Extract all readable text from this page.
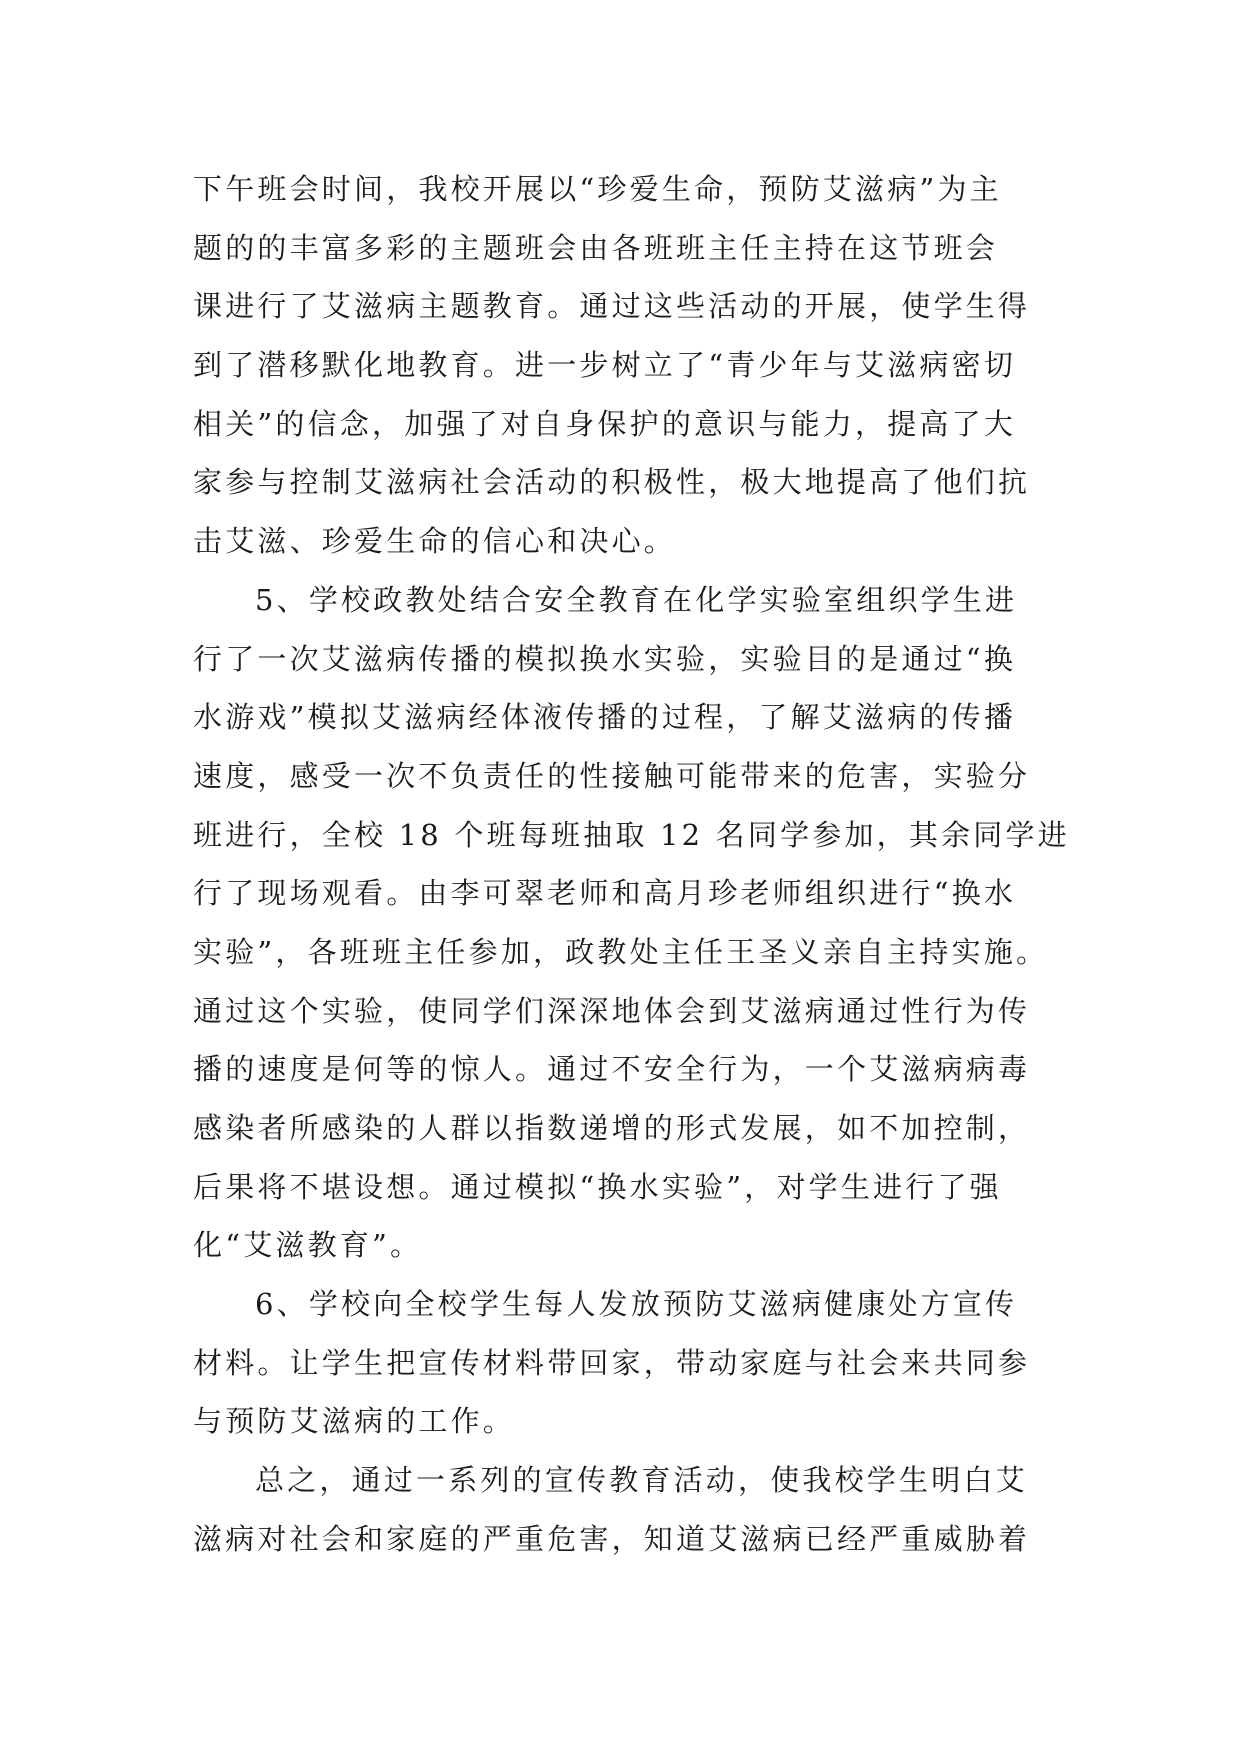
下午班会时间，我校开展以“珍爱生命，预防艾滋病”为主
题的的丰富多彩的主题班会由各班班主任主持在这节班会
课进行了艾滋病主题教育。通过这些活动的开展，使学生得
到了潜移默化地教育。进一步树立了“青少年与艾滋病密切
相关”的信念，加强了对自身保护的意识与能力，提高了大
家参与控制艾滋病社会活动的积极性，极大地提高了他们抗
击艾滋、珍爱生命的信心和决心。
5、学校政教处结合安全教育在化学实验室组织学生进
行了一次艾滋病传播的模拟换水实验，实验目的是通过“换
水游戏”模拟艾滋病经体液传播的过程，了解艾滋病的传播
速度，感受一次不负责任的性接触可能带来的危害，实验分
班进行，全校 18 个班每班抽取 12 名同学参加，其余同学进
行了现场观看。由李可翠老师和高月珍老师组织进行“换水
实验”，各班班主任参加，政教处主任王圣义亲自主持实施。
通过这个实验，使同学们深深地体会到艾滋病通过性行为传
播的速度是何等的惊人。通过不安全行为，一个艾滋病病毒
感染者所感染的人群以指数递增的形式发展，如不加控制，
后果将不堪设想。通过模拟“换水实验”，对学生进行了强
化“艾滋教育”。
6、学校向全校学生每人发放预防艾滋病健康处方宣传
材料。让学生把宣传材料带回家，带动家庭与社会来共同参
与预防艾滋病的工作。
总之，通过一系列的宣传教育活动，使我校学生明白艾
滋病对社会和家庭的严重危害，知道艾滋病已经严重威胁着
